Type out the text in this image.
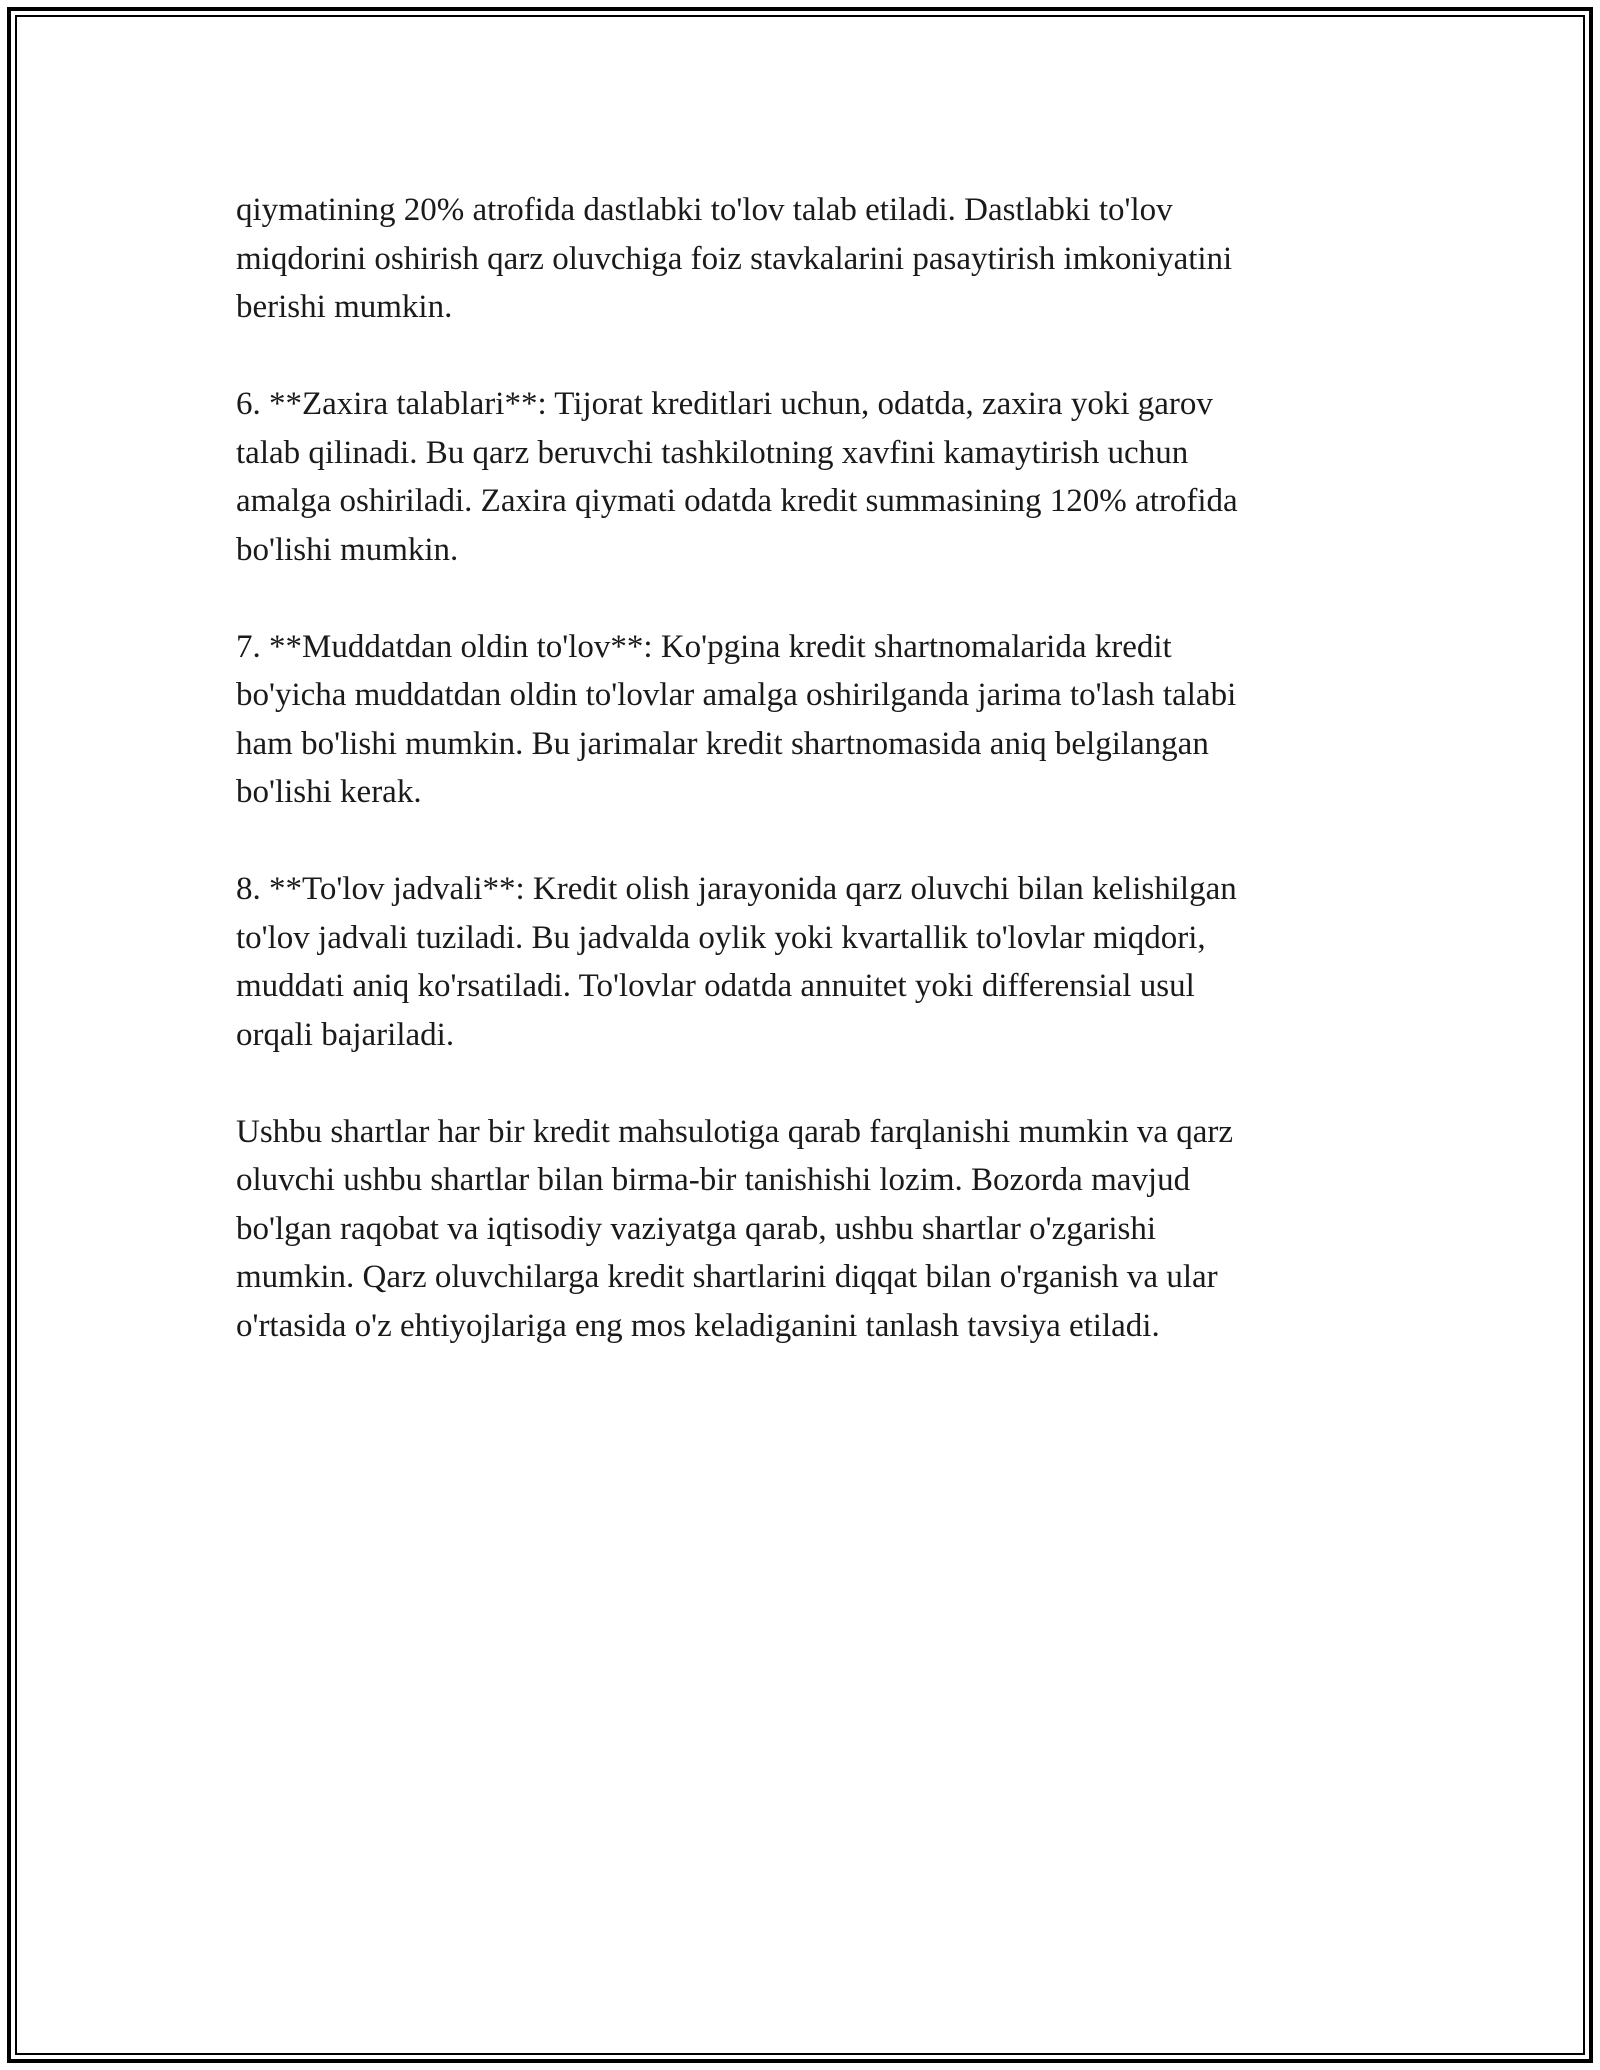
qiymatining 20% atrofida dastlabki to'lov talab etiladi. Dastlabki to'lov
miqdorini oshirish qarz oluvchiga foiz stavkalarini pasaytirish imkoniyatini
berishi mumkin.

6. **Zaxira talablari**: Tijorat kreditlari uchun, odatda, zaxira yoki garov
talab qilinadi. Bu qarz beruvchi tashkilotning xavfini kamaytirish uchun
amalga oshiriladi. Zaxira qiymati odatda kredit summasining 120% atrofida
bo'lishi mumkin.

7. **Muddatdan oldin to'lov**: Ko'pgina kredit shartnomalarida kredit
bo'yicha muddatdan oldin to'lovlar amalga oshirilganda jarima to'lash talabi
ham bo'lishi mumkin. Bu jarimalar kredit shartnomasida aniq belgilangan
bo'lishi kerak.

8. **To'lov jadvali**: Kredit olish jarayonida qarz oluvchi bilan kelishilgan
to'lov jadvali tuziladi. Bu jadvalda oylik yoki kvartallik to'lovlar miqdori,
muddati aniq ko'rsatiladi. To'lovlar odatda annuitet yoki differensial usul
orqali bajariladi.

Ushbu shartlar har bir kredit mahsulotiga qarab farqlanishi mumkin va qarz
oluvchi ushbu shartlar bilan birma-bir tanishishi lozim. Bozorda mavjud
bo'lgan raqobat va iqtisodiy vaziyatga qarab, ushbu shartlar o'zgarishi
mumkin. Qarz oluvchilarga kredit shartlarini diqqat bilan o'rganish va ular
o'rtasida o'z ehtiyojlariga eng mos keladiganini tanlash tavsiya etiladi.
